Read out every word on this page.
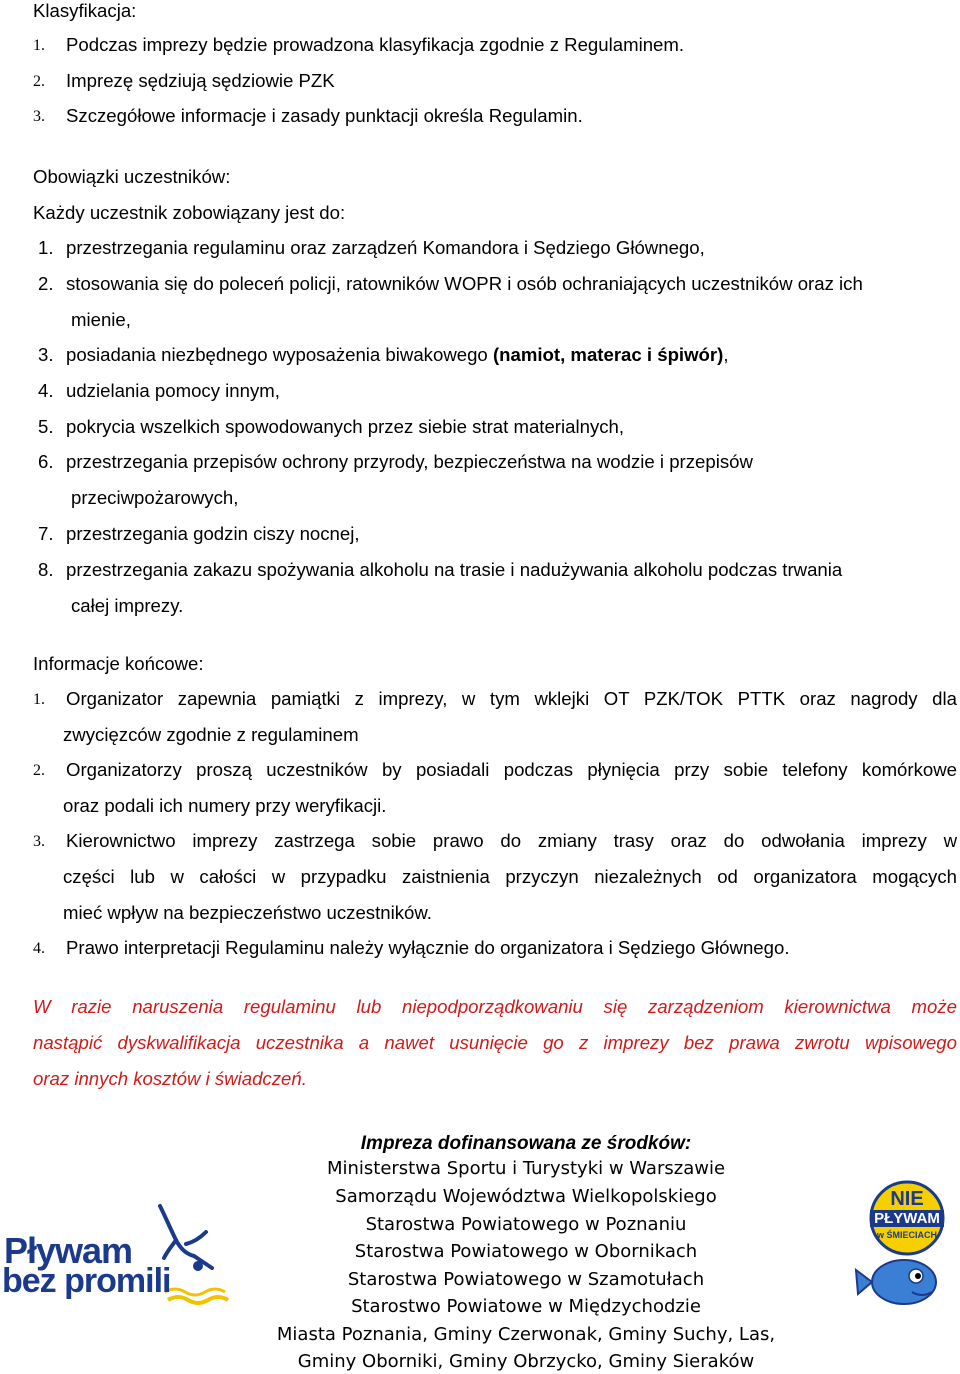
Klasyfikacja:
1. Podczas imprezy będzie prowadzona klasyfikacja zgodnie z Regulaminem.
2. Imprezę sędziują sędziowie PZK
3. Szczegółowe informacje i zasady punktacji określa Regulamin.
Obowiązki uczestników:
Każdy uczestnik zobowiązany jest do:
1. przestrzegania regulaminu oraz zarządzeń Komandora i Sędziego Głównego,
2. stosowania się do poleceń policji, ratowników WOPR i osób ochraniających uczestników oraz ich
mienie,
3. posiadania niezbędnego wyposażenia biwakowego (namiot, materac i śpiwór),
4. udzielania pomocy innym,
5. pokrycia wszelkich spowodowanych przez siebie strat materialnych,
6. przestrzegania przepisów ochrony przyrody, bezpieczeństwa na wodzie i przepisów
przeciwpożarowych,
7. przestrzegania godzin ciszy nocnej,
8. przestrzegania zakazu spożywania alkoholu na trasie i nadużywania alkoholu podczas trwania
całej imprezy.
Informacje końcowe:
1. Organizator zapewnia pamiątki z imprezy, w tym wklejki OT PZK/TOK PTTK oraz nagrody dla
zwycięzców zgodnie z regulaminem
2. Organizatorzy proszą uczestników by posiadali podczas płynięcia przy sobie telefony komórkowe
oraz podali ich numery przy weryfikacji.
3. Kierownictwo imprezy zastrzega sobie prawo do zmiany trasy oraz do odwołania imprezy w
części lub w całości w przypadku zaistnienia przyczyn niezależnych od organizatora mogących
mieć wpływ na bezpieczeństwo uczestników.
4. Prawo interpretacji Regulaminu należy wyłącznie do organizatora i Sędziego Głównego.
W razie naruszenia regulaminu lub niepodporządkowaniu się zarządzeniom kierownictwa może
nastąpić dyskwalifikacja uczestnika a nawet usunięcie go z imprezy bez prawa zwrotu wpisowego
oraz innych kosztów i świadczeń.
Impreza dofinansowana ze środków:
Ministerstwa Sportu i Turystyki w Warszawie
Samorządu Województwa Wielkopolskiego
Starostwa Powiatowego w Poznaniu
Starostwa Powiatowego w Obornikach
Starostwa Powiatowego w Szamotułach
Starostwo Powiatowe w Międzychodzie
Miasta Poznania, Gminy Czerwonak, Gminy Suchy, Las,
Gminy Oborniki, Gminy Obrzycko, Gminy Sieraków
Pływam
bez promili
NIE
PŁYWAM
w ŚMIECIACH
